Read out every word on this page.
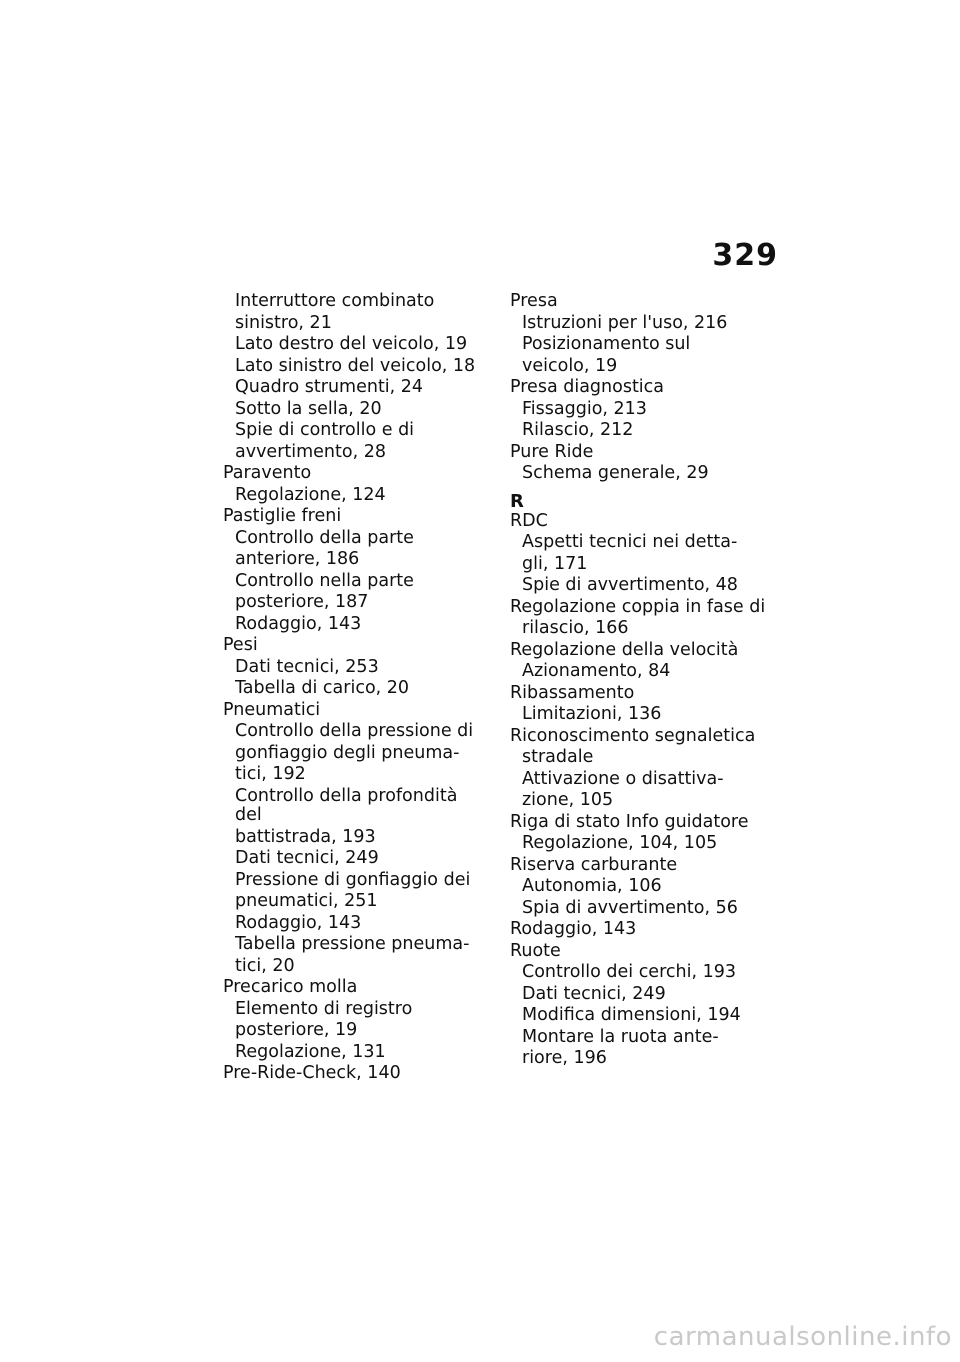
329
Interruttore combinato
sinistro, 21
Lato destro del veicolo, 19
Lato sinistro del veicolo, 18
Quadro strumenti, 24
Sotto la sella, 20
Spie di controllo e di
avvertimento, 28
Paravento
Regolazione, 124
Pastiglie freni
Controllo della parte
anteriore, 186
Controllo nella parte
posteriore, 187
Rodaggio, 143
Pesi
Dati tecnici, 253
Tabella di carico, 20
Pneumatici
Controllo della pressione di
gonfiaggio degli pneuma-
tici, 192
Controllo della profondità del
battistrada, 193
Dati tecnici, 249
Pressione di gonfiaggio dei
pneumatici, 251
Rodaggio, 143
Tabella pressione pneuma-
tici, 20
Precarico molla
Elemento di registro
posteriore, 19
Regolazione, 131
Pre-Ride-Check, 140
Presa
Istruzioni per l'uso, 216
Posizionamento sul
veicolo, 19
Presa diagnostica
Fissaggio, 213
Rilascio, 212
Pure Ride
Schema generale, 29
R
RDC
Aspetti tecnici nei detta-
gli, 171
Spie di avvertimento, 48
Regolazione coppia in fase di
rilascio, 166
Regolazione della velocità
Azionamento, 84
Ribassamento
Limitazioni, 136
Riconoscimento segnaletica
stradale
Attivazione o disattiva-
zione, 105
Riga di stato Info guidatore
Regolazione, 104, 105
Riserva carburante
Autonomia, 106
Spia di avvertimento, 56
Rodaggio, 143
Ruote
Controllo dei cerchi, 193
Dati tecnici, 249
Modifica dimensioni, 194
Montare la ruota ante-
riore, 196
carmanualsonline.info
